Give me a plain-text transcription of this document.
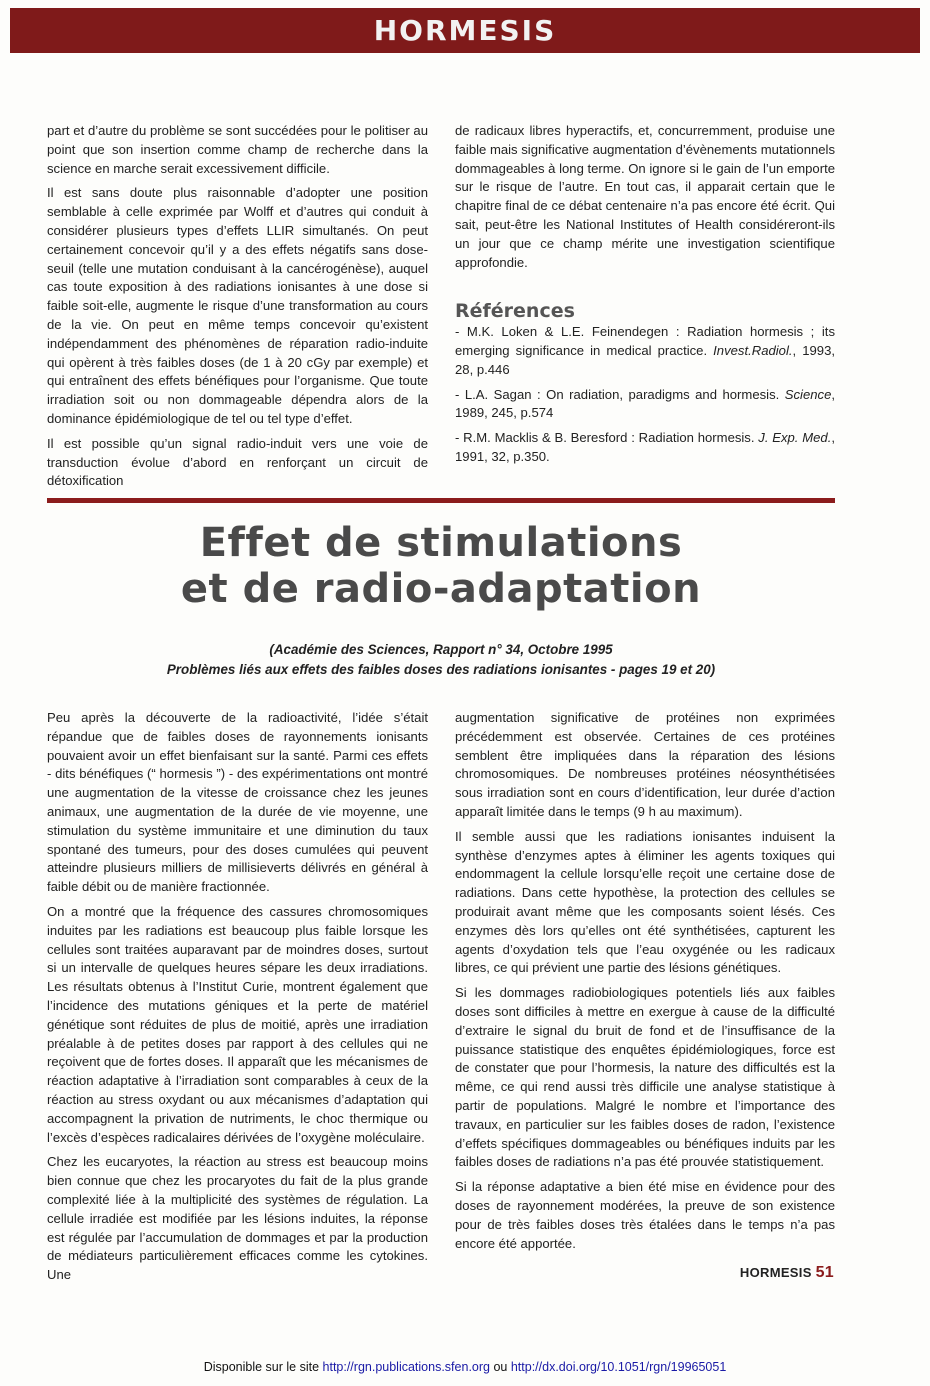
HORMESIS

part et d’autre du problème se sont succédées pour le politiser au point que son insertion comme champ de recherche dans la science en marche serait excessivement difficile.

Il est sans doute plus raisonnable d’adopter une position semblable à celle exprimée par Wolff et d’autres qui conduit à considérer plusieurs types d’effets LLIR simultanés. On peut certainement concevoir qu’il y a des effets négatifs sans dose-seuil (telle une mutation conduisant à la cancérogénèse), auquel cas toute exposition à des radiations ionisantes à une dose si faible soit-elle, augmente le risque d’une transformation au cours de la vie. On peut en même temps concevoir qu’existent indépendamment des phénomènes de réparation radio-induite qui opèrent à très faibles doses (de 1 à 20 cGy par exemple) et qui entraînent des effets bénéfiques pour l’organisme. Que toute irradiation soit ou non dommageable dépendra alors de la dominance épidémiologique de tel ou tel type d’effet.

Il est possible qu’un signal radio-induit vers une voie de transduction évolue d’abord en renforçant un circuit de détoxification

de radicaux libres hyperactifs, et, concurremment, produise une faible mais significative augmentation d’évènements mutationnels dommageables à long terme. On ignore si le gain de l’un emporte sur le risque de l’autre. En tout cas, il apparait certain que le chapitre final de ce débat centenaire n’a pas encore été écrit. Qui sait, peut-être les National Institutes of Health considéreront-ils un jour que ce champ mérite une investigation scientifique approfondie.

Références

- M.K. Loken & L.E. Feinendegen : Radiation hormesis ; its emerging significance in medical practice. Invest.Radiol., 1993, 28, p.446

- L.A. Sagan : On radiation, paradigms and hormesis. Science, 1989, 245, p.574

- R.M. Macklis & B. Beresford : Radiation hormesis. J. Exp. Med., 1991, 32, p.350.

Effet de stimulations
et de radio-adaptation
(Académie des Sciences, Rapport n° 34, Octobre 1995
Problèmes liés aux effets des faibles doses des radiations ionisantes - pages 19 et 20)

Peu après la découverte de la radioactivité, l’idée s’était répandue que de faibles doses de rayonnements ionisants pouvaient avoir un effet bienfaisant sur la santé. Parmi ces effets - dits bénéfiques (“ hormesis ”) - des expérimentations ont montré une augmentation de la vitesse de croissance chez les jeunes animaux, une augmentation de la durée de vie moyenne, une stimulation du système immunitaire et une diminution du taux spontané des tumeurs, pour des doses cumulées qui peuvent atteindre plusieurs milliers de millisieverts délivrés en général à faible débit ou de manière fractionnée.

On a montré que la fréquence des cassures chromosomiques induites par les radiations est beaucoup plus faible lorsque les cellules sont traitées auparavant par de moindres doses, surtout si un intervalle de quelques heures sépare les deux irradiations. Les résultats obtenus à l’Institut Curie, montrent également que l’incidence des mutations géniques et la perte de matériel génétique sont réduites de plus de moitié, après une irradiation préalable à de petites doses par rapport à des cellules qui ne reçoivent que de fortes doses. Il apparaît que les mécanismes de réaction adaptative à l’irradiation sont comparables à ceux de la réaction au stress oxydant ou aux mécanismes d’adaptation qui accompagnent la privation de nutriments, le choc thermique ou l’excès d’espèces radicalaires dérivées de l’oxygène moléculaire.

Chez les eucaryotes, la réaction au stress est beaucoup moins bien connue que chez les procaryotes du fait de la plus grande complexité liée à la multiplicité des systèmes de régulation. La cellule irradiée est modifiée par les lésions induites, la réponse est régulée par l’accumulation de dommages et par la production de médiateurs particulièrement efficaces comme les cytokines. Une

augmentation significative de protéines non exprimées précédemment est observée. Certaines de ces protéines semblent être impliquées dans la réparation des lésions chromosomiques. De nombreuses protéines néosynthétisées sous irradiation sont en cours d’identification, leur durée d’action apparaît limitée dans le temps (9 h au maximum).

Il semble aussi que les radiations ionisantes induisent la synthèse d’enzymes aptes à éliminer les agents toxiques qui endommagent la cellule lorsqu’elle reçoit une certaine dose de radiations. Dans cette hypothèse, la protection des cellules se produirait avant même que les composants soient lésés. Ces enzymes dès lors qu’elles ont été synthétisées, capturent les agents d’oxydation tels que l’eau oxygénée ou les radicaux libres, ce qui prévient une partie des lésions génétiques.

Si les dommages radiobiologiques potentiels liés aux faibles doses sont difficiles à mettre en exergue à cause de la difficulté d’extraire le signal du bruit de fond et de l’insuffisance de la puissance statistique des enquêtes épidémiologiques, force est de constater que pour l’hormesis, la nature des difficultés est la même, ce qui rend aussi très difficile une analyse statistique à partir de populations. Malgré le nombre et l’importance des travaux, en particulier sur les faibles doses de radon, l’existence d’effets spécifiques dommageables ou bénéfiques induits par les faibles doses de radiations n’a pas été prouvée statistiquement.

Si la réponse adaptative a bien été mise en évidence pour des doses de rayonnement modérées, la preuve de son existence pour de très faibles doses très étalées dans le temps n’a pas encore été apportée.

HORMESIS 51
Disponible sur le site http://rgn.publications.sfen.org ou http://dx.doi.org/10.1051/rgn/19965051
